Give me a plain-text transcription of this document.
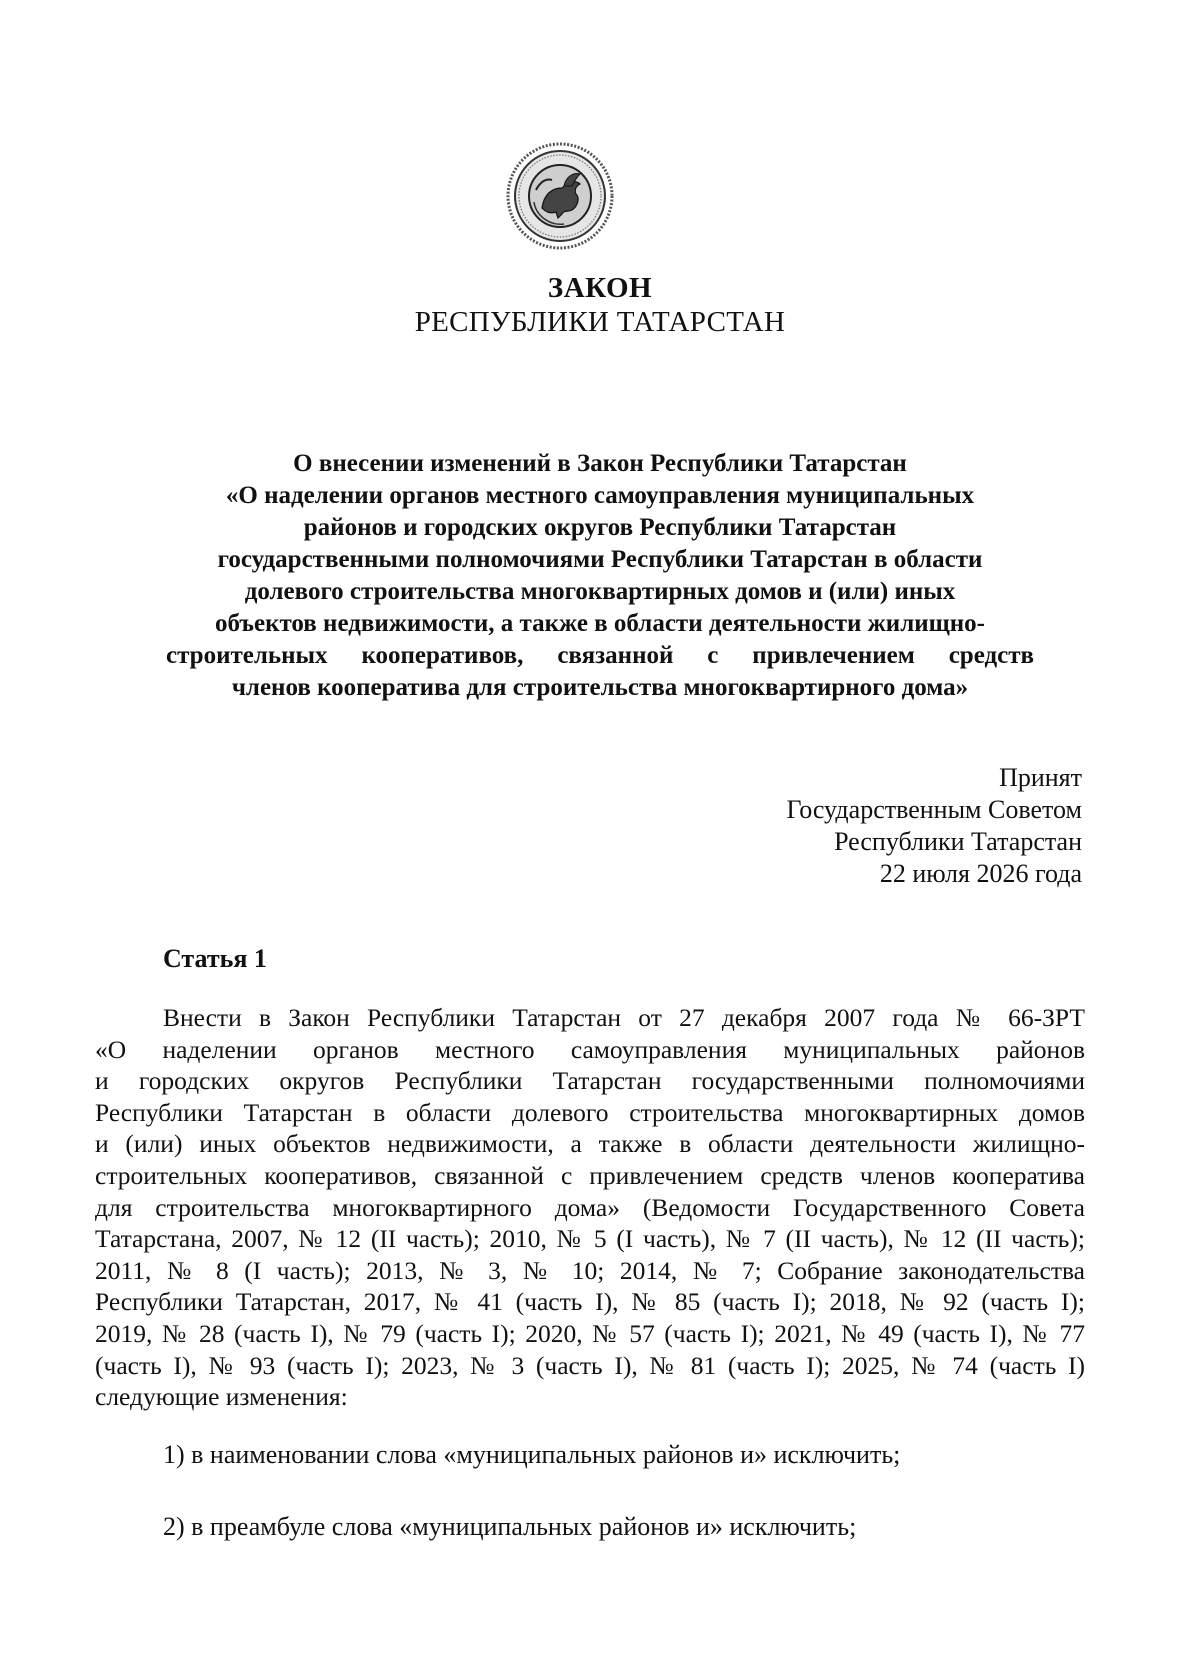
ЗАКОН
РЕСПУБЛИКИ ТАТАРСТАН
О внесении изменений в Закон Республики Татарстан
«О наделении органов местного самоуправления муниципальных
районов и городских округов Республики Татарстан
государственными полномочиями Республики Татарстан в области
долевого строительства многоквартирных домов и (или) иных
объектов недвижимости, а также в области деятельности жилищно-
строительных кооперативов, связанной с привлечением средств
членов кооператива для строительства многоквартирного дома»
Принят
Государственным Советом
Республики Татарстан
22 июля 2026 года
Статья 1
Внести в Закон Республики Татарстан от 27 декабря 2007 года № 66-ЗРТ
«О наделении органов местного самоуправления муниципальных районов
и городских округов Республики Татарстан государственными полномочиями
Республики Татарстан в области долевого строительства многоквартирных домов
и (или) иных объектов недвижимости, а также в области деятельности жилищно-
строительных кооперативов, связанной с привлечением средств членов кооператива
для строительства многоквартирного дома» (Ведомости Государственного Совета
Татарстана, 2007, № 12 (II часть); 2010, № 5 (I часть), № 7 (II часть), № 12 (II часть);
2011, № 8 (I часть); 2013, № 3, № 10; 2014, № 7; Собрание законодательства
Республики Татарстан, 2017, № 41 (часть I), № 85 (часть I); 2018, № 92 (часть I);
2019, № 28 (часть I), № 79 (часть I); 2020, № 57 (часть I); 2021, № 49 (часть I), № 77
(часть I), № 93 (часть I); 2023, № 3 (часть I), № 81 (часть I); 2025, № 74 (часть I)
следующие изменения:
1) в наименовании слова «муниципальных районов и» исключить;
2) в преамбуле слова «муниципальных районов и» исключить;
